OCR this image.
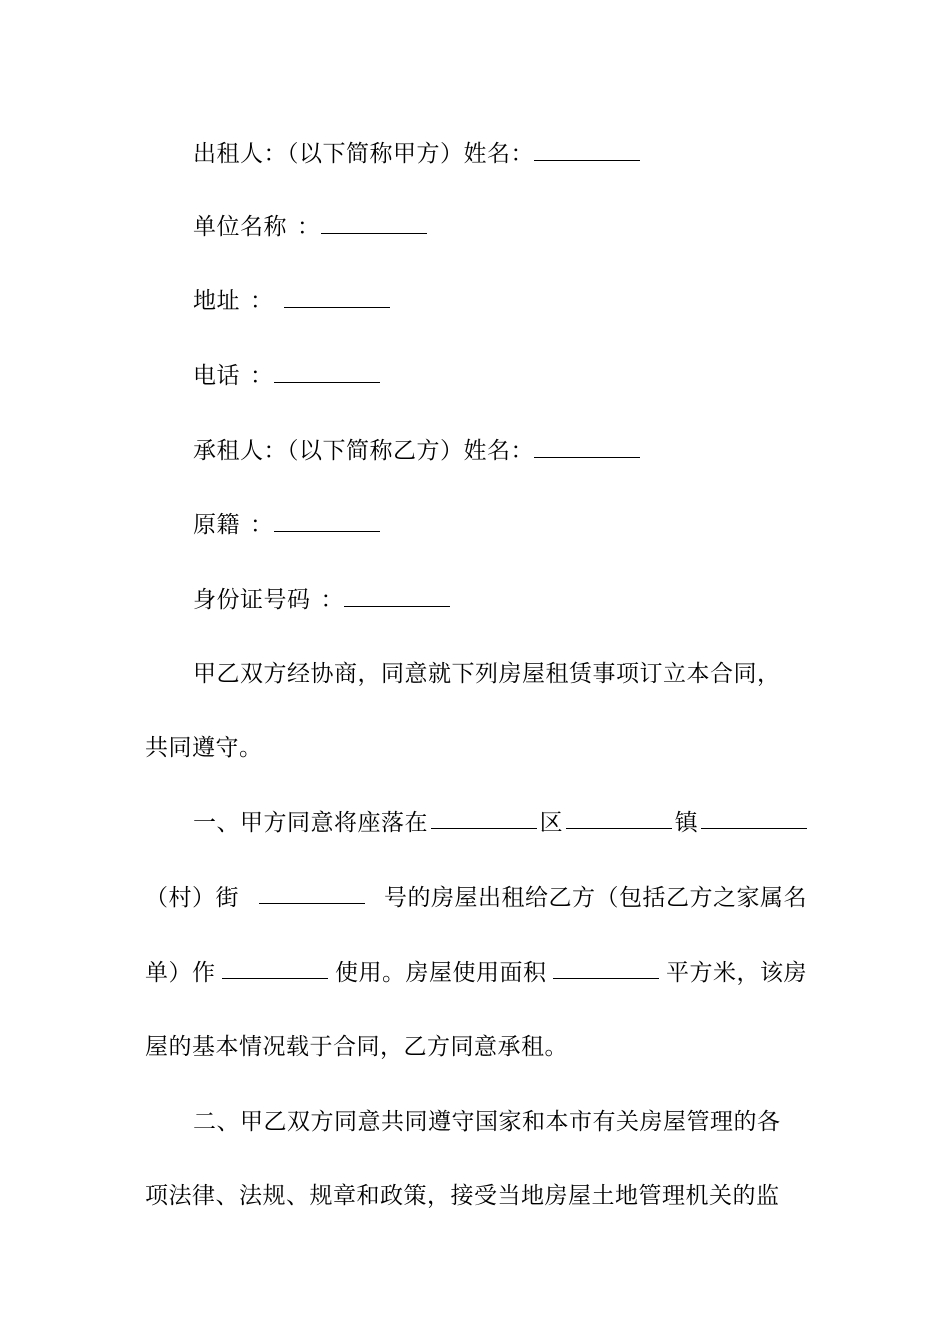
出租人：（以下简称甲方）姓名：
单位名称 ：
地址 ：
电话 ：
承租人：（以下简称乙方）姓名：
原籍 ：
身份证号码 ：
甲乙双方经协商，同意就下列房屋租赁事项订立本合同，
共同遵守。
一、甲方同意将座落在	区	镇
（村）街	号的房屋出租给乙方（包括乙方之家属名
单）作	使用。房屋使用面积	平方米，该房
屋的基本情况载于合同，乙方同意承租。
二、甲乙双方同意共同遵守国家和本市有关房屋管理的各
项法律、法规、规章和政策，接受当地房屋土地管理机关的监
